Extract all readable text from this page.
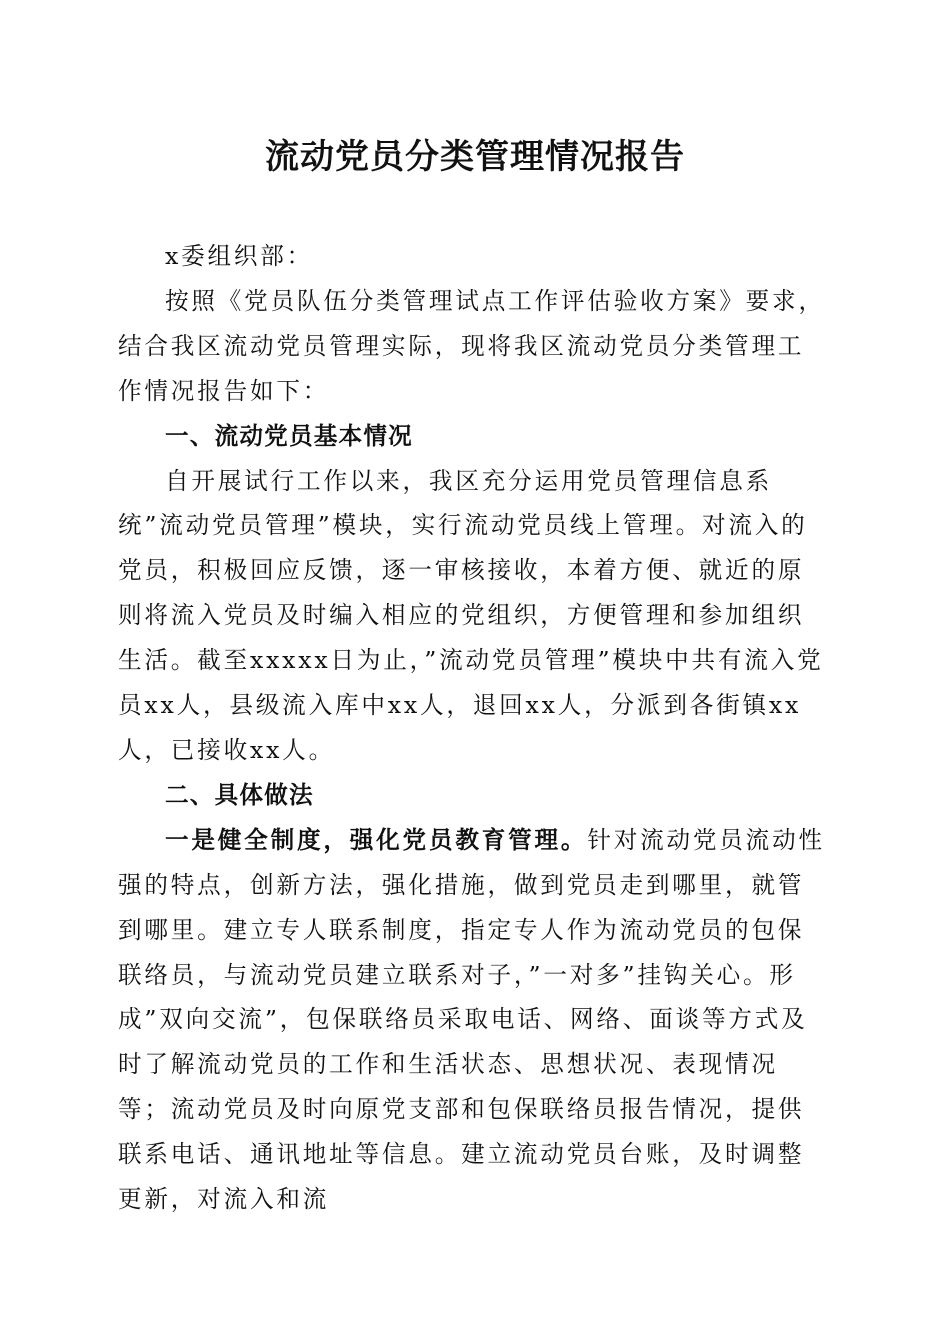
流动党员分类管理情况报告

x委组织部：

按照《党员队伍分类管理试点工作评估验收方案》要求，结合我区流动党员管理实际，现将我区流动党员分类管理工作情况报告如下：

一、流动党员基本情况

自开展试行工作以来，我区充分运用党员管理信息系统”流动党员管理”模块，实行流动党员线上管理。对流入的党员，积极回应反馈，逐一审核接收，本着方便、就近的原则将流入党员及时编入相应的党组织，方便管理和参加组织生活。截至xxxxx日为止，”流动党员管理”模块中共有流入党员xx人，县级流入库中xx人，退回xx人，分派到各街镇xx人，已接收xx人。

二、具体做法

一是健全制度，强化党员教育管理。针对流动党员流动性强的特点，创新方法，强化措施，做到党员走到哪里，就管到哪里。建立专人联系制度，指定专人作为流动党员的包保联络员，与流动党员建立联系对子，”一对多”挂钩关心。形成”双向交流”，包保联络员采取电话、网络、面谈等方式及时了解流动党员的工作和生活状态、思想状况、表现情况等；流动党员及时向原党支部和包保联络员报告情况，提供联系电话、通讯地址等信息。建立流动党员台账，及时调整更新，对流入和流
